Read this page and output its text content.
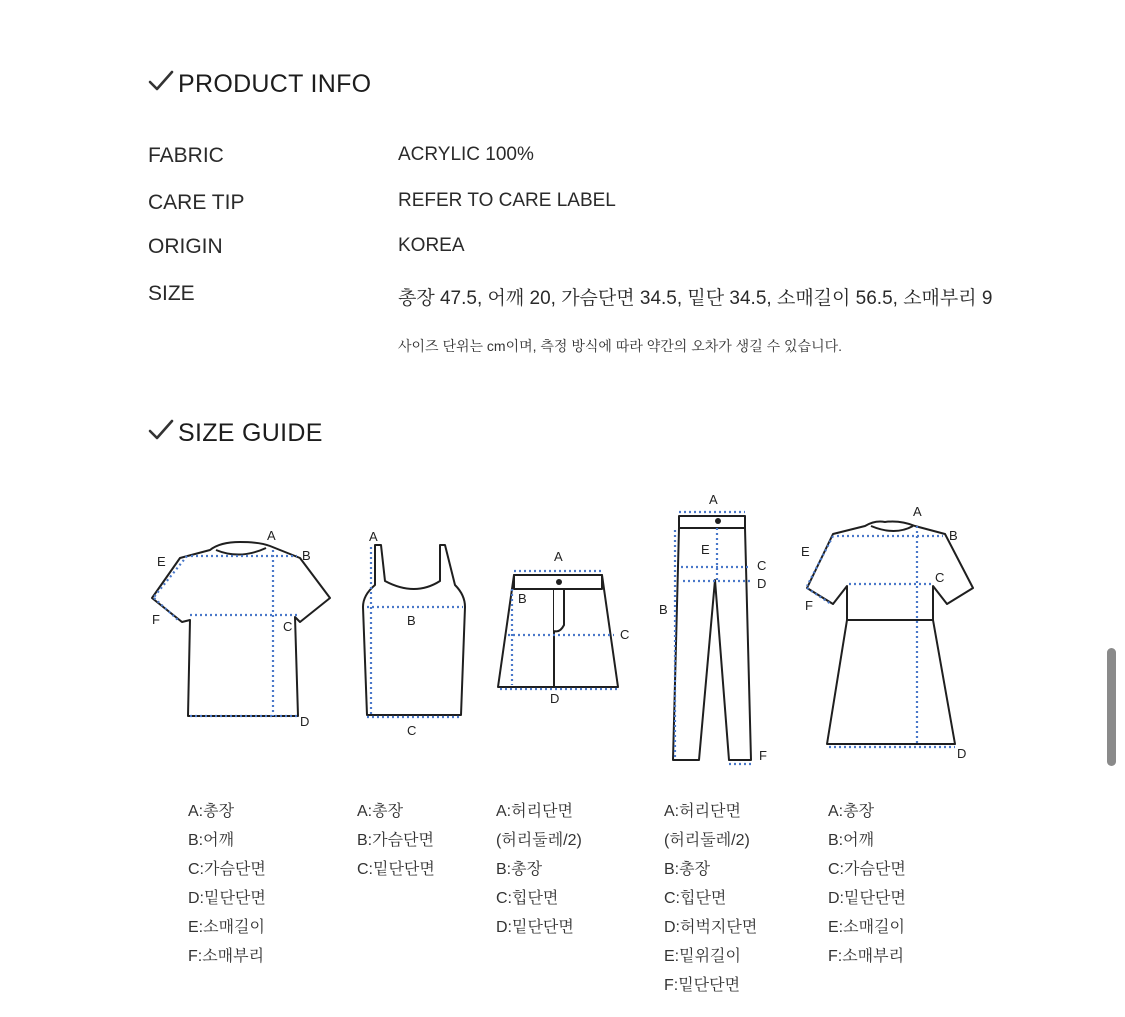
PRODUCT INFO
FABRIC	ACRYLIC 100%
CARE TIP	REFER TO CARE LABEL
ORIGIN	KOREA
SIZE	총장 47.5, 어깨 20, 가슴단면 34.5, 밑단 34.5, 소매길이 56.5, 소매부리 9
사이즈 단위는 cm이며, 측정 방식에 따라 약간의 오차가 생길 수 있습니다.
SIZE GUIDE
A
B
C
D
E
F
A
B
C
A
B
C
D
A
B
C
D
E
F
A
B
C
D
E
F
A:총장
B:어깨
C:가슴단면
D:밑단단면
E:소매길이
F:소매부리
A:총장
B:가슴단면
C:밑단단면
A:허리단면
(허리둘레/2)
B:총장
C:힙단면
D:밑단단면
A:허리단면
(허리둘레/2)
B:총장
C:힙단면
D:허벅지단면
E:밑위길이
F:밑단단면
A:총장
B:어깨
C:가슴단면
D:밑단단면
E:소매길이
F:소매부리
